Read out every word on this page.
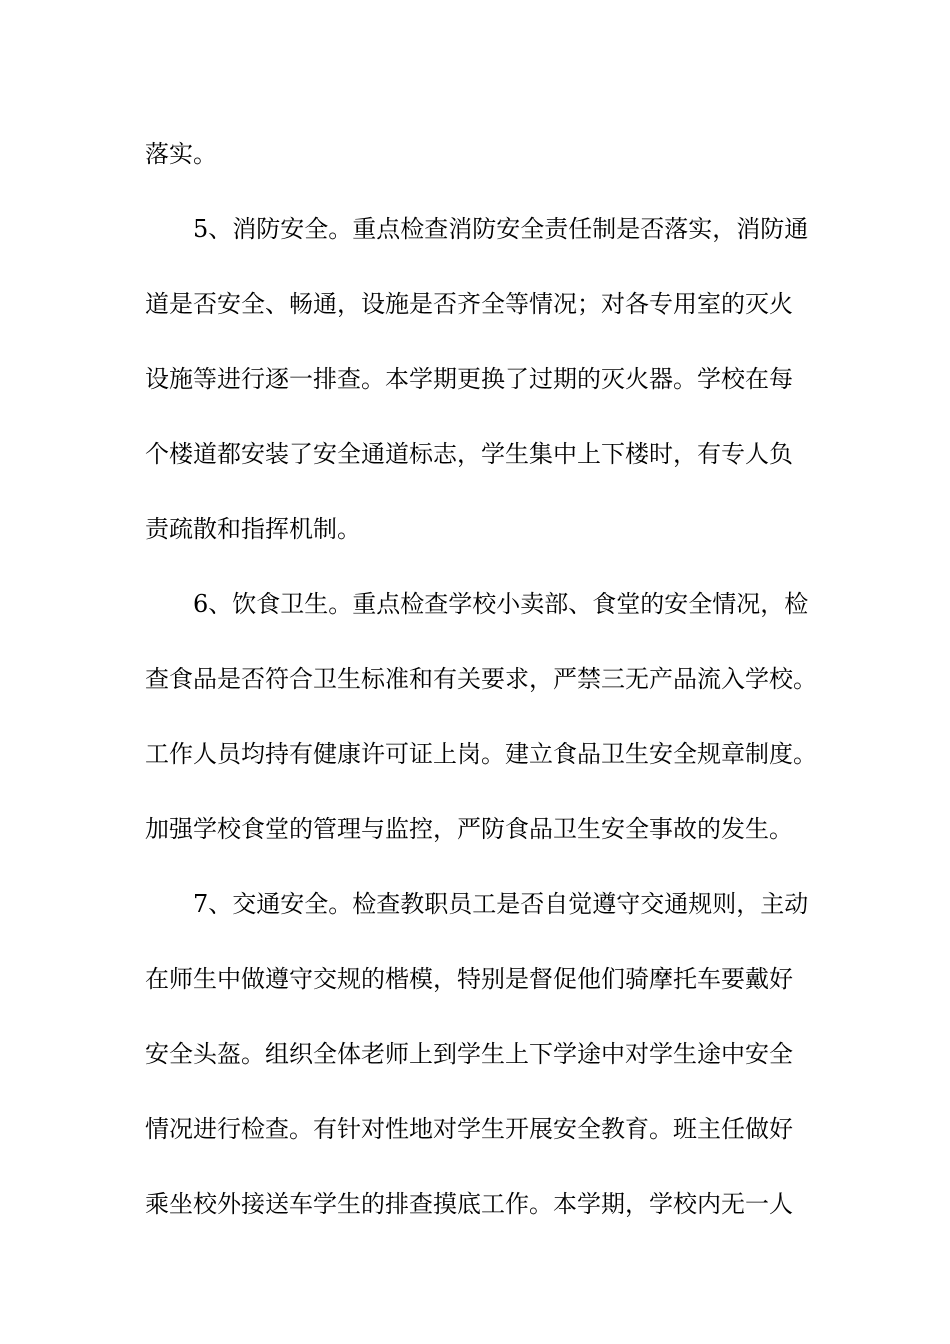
落实。
5、消防安全。重点检查消防安全责任制是否落实，消防通
道是否安全、畅通，设施是否齐全等情况；对各专用室的灭火
设施等进行逐一排查。本学期更换了过期的灭火器。学校在每
个楼道都安装了安全通道标志，学生集中上下楼时，有专人负
责疏散和指挥机制。
6、饮食卫生。重点检查学校小卖部、食堂的安全情况，检
查食品是否符合卫生标准和有关要求，严禁三无产品流入学校。
工作人员均持有健康许可证上岗。建立食品卫生安全规章制度。
加强学校食堂的管理与监控，严防食品卫生安全事故的发生。
7、交通安全。检查教职员工是否自觉遵守交通规则，主动
在师生中做遵守交规的楷模，特别是督促他们骑摩托车要戴好
安全头盔。组织全体老师上到学生上下学途中对学生途中安全
情况进行检查。有针对性地对学生开展安全教育。班主任做好
乘坐校外接送车学生的排查摸底工作。本学期，学校内无一人
